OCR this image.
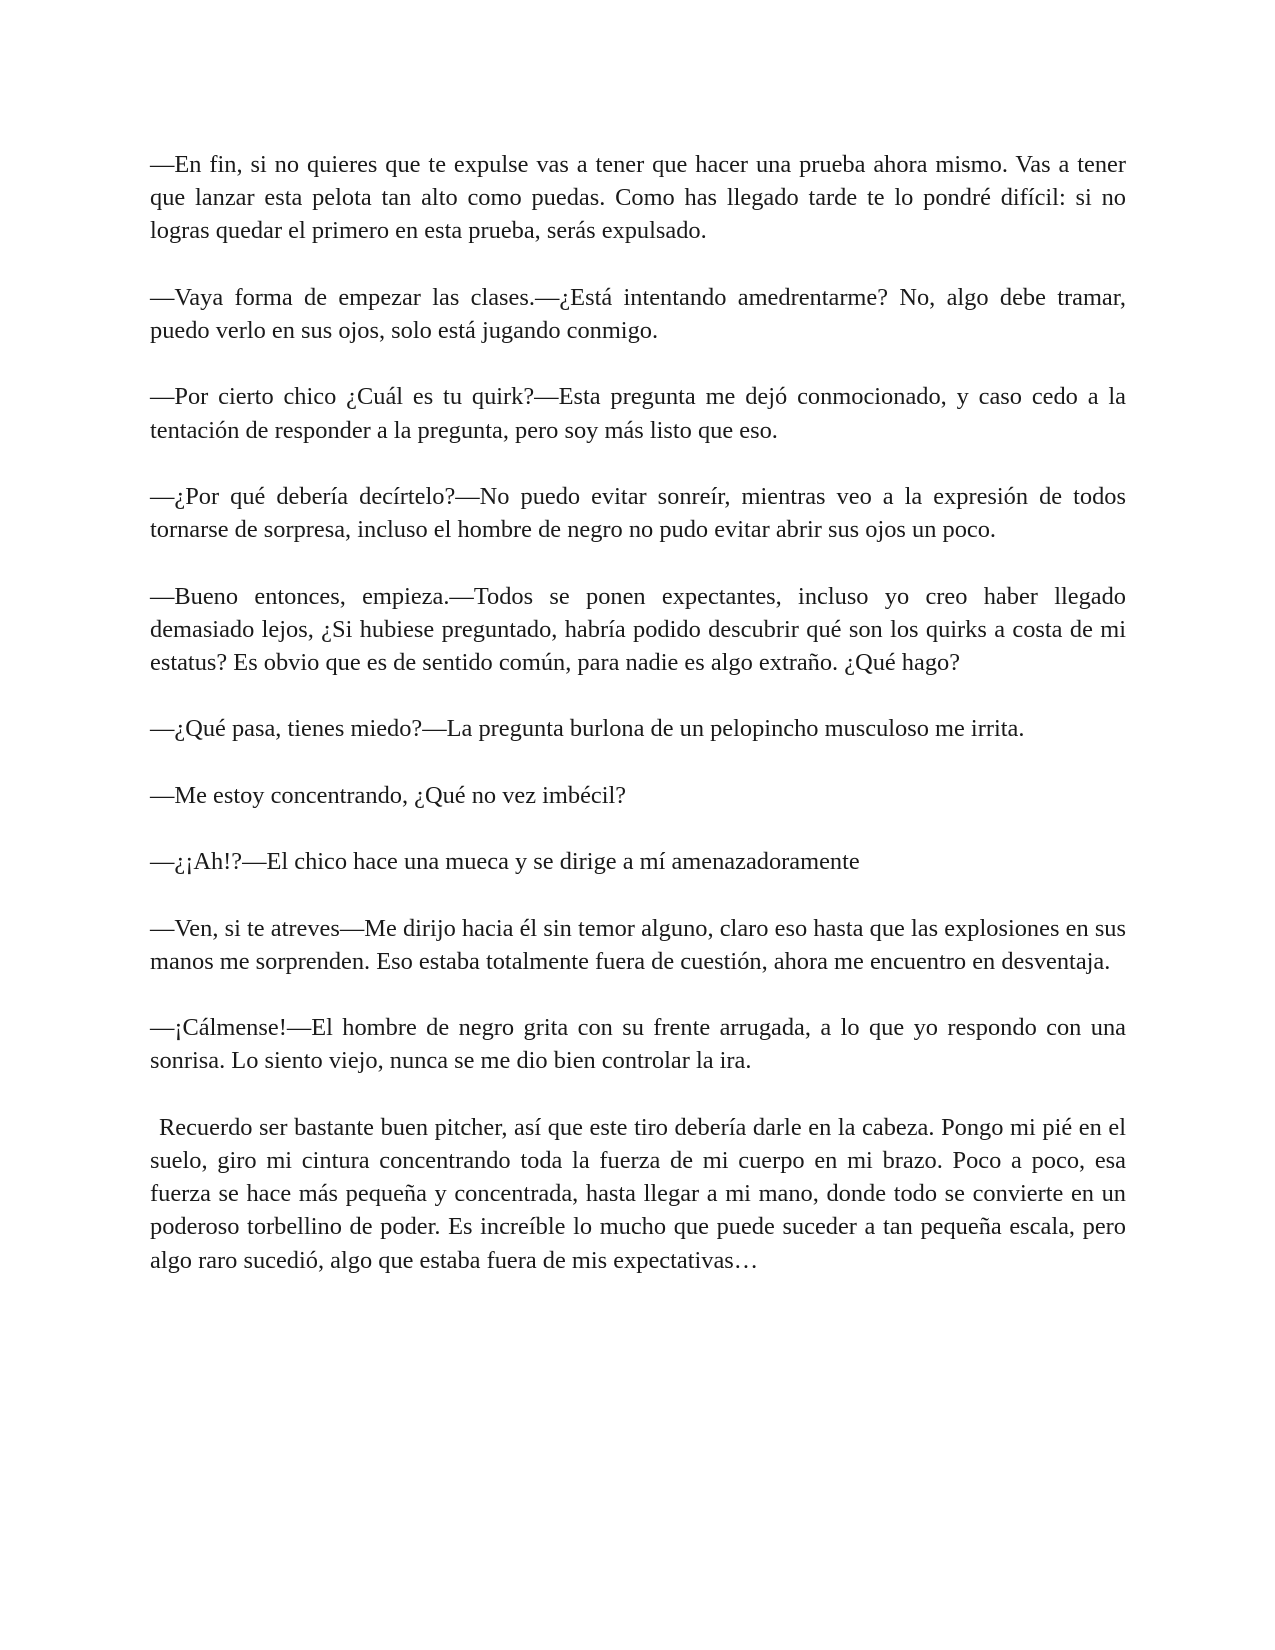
—En fin, si no quieres que te expulse vas a tener que hacer una prueba ahora mismo. Vas a tener que lanzar esta pelota tan alto como puedas. Como has llegado tarde te lo pondré difícil: si no logras quedar el primero en esta prueba, serás expulsado.

—Vaya forma de empezar las clases.—¿Está intentando amedrentarme? No, algo debe tramar, puedo verlo en sus ojos, solo está jugando conmigo.

—Por cierto chico ¿Cuál es tu quirk?—Esta pregunta me dejó conmocionado, y caso cedo a la tentación de responder a la pregunta, pero soy más listo que eso.

—¿Por qué debería decírtelo?—No puedo evitar sonreír, mientras veo a la expresión de todos tornarse de sorpresa, incluso el hombre de negro no pudo evitar abrir sus ojos un poco.

—Bueno entonces, empieza.—Todos se ponen expectantes, incluso yo creo haber llegado demasiado lejos, ¿Si hubiese preguntado, habría podido descubrir qué son los quirks a costa de mi estatus? Es obvio que es de sentido común, para nadie es algo extraño. ¿Qué hago?

—¿Qué pasa, tienes miedo?—La pregunta burlona de un pelopincho musculoso me irrita.

—Me estoy concentrando, ¿Qué no vez imbécil?

—¿¡Ah!?—El chico hace una mueca y se dirige a mí amenazadoramente

—Ven, si te atreves—Me dirijo hacia él sin temor alguno, claro eso hasta que las explosiones en sus manos me sorprenden. Eso estaba totalmente fuera de cuestión, ahora me encuentro en desventaja.

—¡Cálmense!—El hombre de negro grita con su frente arrugada, a lo que yo respondo con una sonrisa. Lo siento viejo, nunca se me dio bien controlar la ira.

Recuerdo ser bastante buen pitcher, así que este tiro debería darle en la cabeza. Pongo mi pié en el suelo, giro mi cintura concentrando toda la fuerza de mi cuerpo en mi brazo. Poco a poco, esa fuerza se hace más pequeña y concentrada, hasta llegar a mi mano, donde todo se convierte en un poderoso torbellino de poder. Es increíble lo mucho que puede suceder a tan pequeña escala, pero algo raro sucedió, algo que estaba fuera de mis expectativas…
